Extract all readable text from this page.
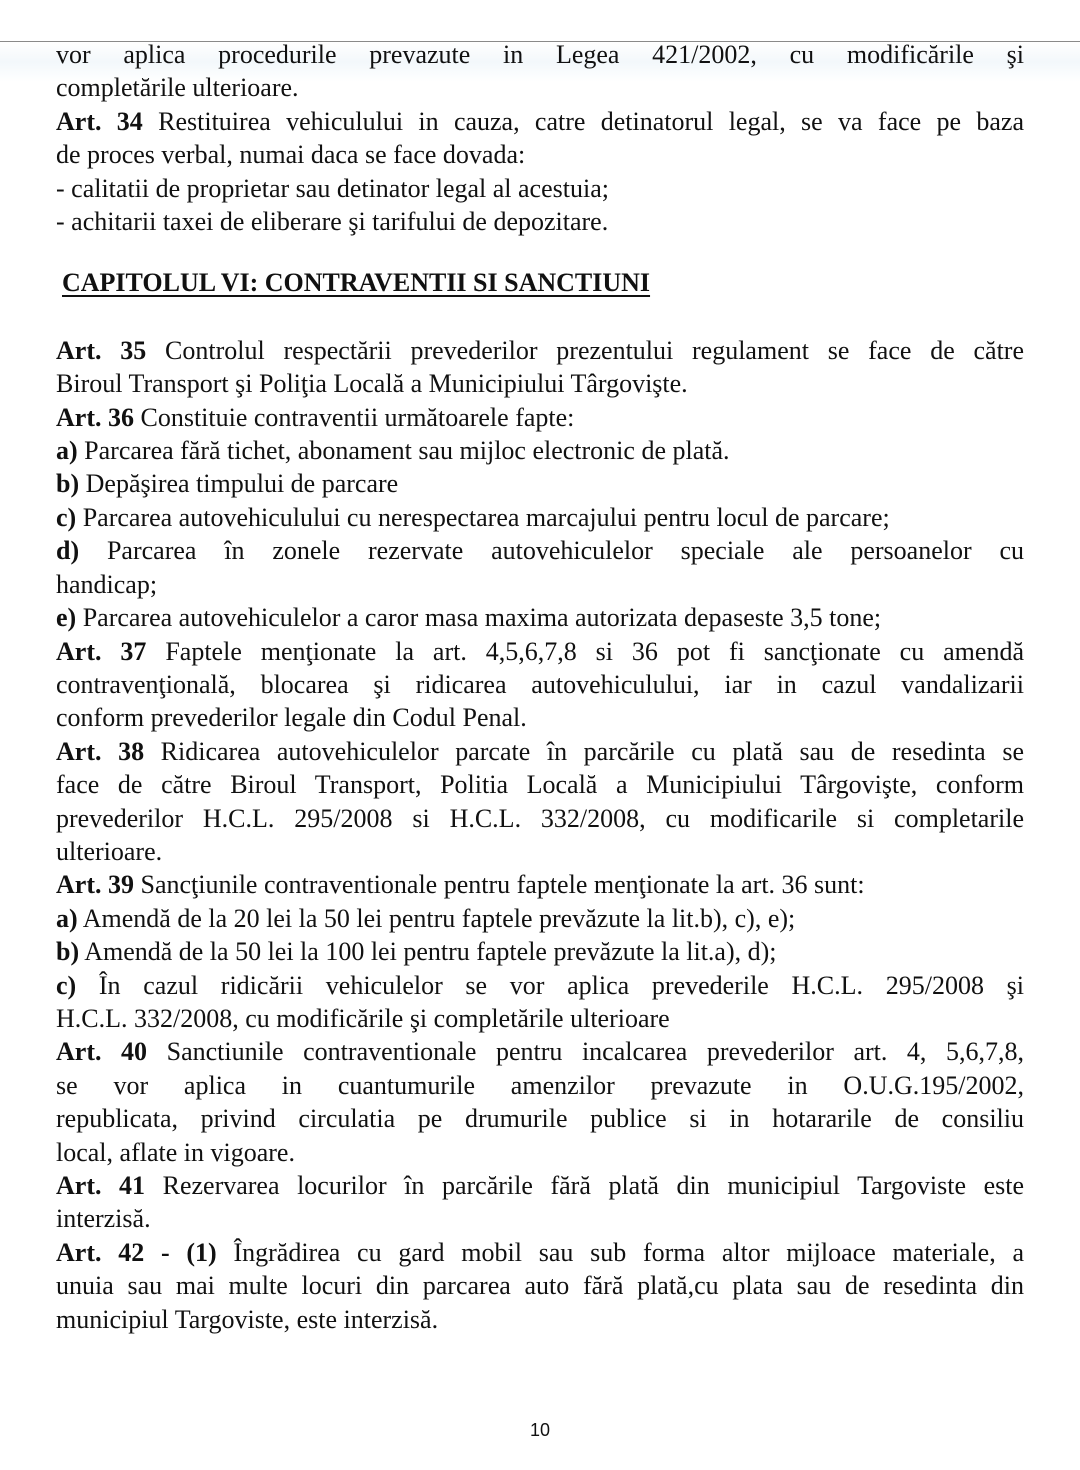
vor aplica procedurile prevazute in Legea 421/2002, cu modificările şi
completările ulterioare.
Art. 34 Restituirea vehiculului in cauza, catre detinatorul legal, se va face pe baza
de proces verbal, numai daca se face dovada:
- calitatii de proprietar sau detinator legal al acestuia;
- achitarii taxei de eliberare şi tarifului de depozitare.
CAPITOLUL VI: CONTRAVENTII SI SANCTIUNI
Art. 35 Controlul respectării prevederilor prezentului regulament se face de către
Biroul Transport şi Poliţia Locală a Municipiului Târgovişte.
Art. 36 Constituie contraventii următoarele fapte:
a) Parcarea fără tichet, abonament sau mijloc electronic de plată.
b) Depăşirea timpului de parcare
c) Parcarea autovehiculului cu nerespectarea marcajului pentru locul de parcare;
d) Parcarea în zonele rezervate autovehiculelor speciale ale persoanelor cu
handicap;
e) Parcarea autovehiculelor a caror masa maxima autorizata depaseste 3,5 tone;
Art. 37 Faptele menţionate la art. 4,5,6,7,8 si 36 pot fi sancţionate cu amendă
contravenţională, blocarea şi ridicarea autovehiculului, iar in cazul vandalizarii
conform prevederilor legale din Codul Penal.
Art. 38 Ridicarea autovehiculelor parcate în parcările cu plată sau de resedinta se
face de către Biroul Transport, Politia Locală a Municipiului Târgovişte, conform
prevederilor H.C.L. 295/2008 si H.C.L. 332/2008, cu modificarile si completarile
ulterioare.
Art. 39 Sancţiunile contraventionale pentru faptele menţionate la art. 36 sunt:
a) Amendă de la 20 lei la 50 lei pentru faptele prevăzute la lit.b), c), e);
b) Amendă de la 50 lei la 100 lei pentru faptele prevăzute la lit.a), d);
c) În cazul ridicării vehiculelor se vor aplica prevederile H.C.L. 295/2008 şi
H.C.L. 332/2008, cu modificările şi completările ulterioare
Art. 40 Sanctiunile contraventionale pentru incalcarea prevederilor art. 4, 5,6,7,8,
se vor aplica in cuantumurile amenzilor prevazute in O.U.G.195/2002,
republicata, privind circulatia pe drumurile publice si in hotararile de consiliu
local, aflate in vigoare.
Art. 41 Rezervarea locurilor în parcările fără plată din municipiul Targoviste este
interzisă.
Art. 42 - (1) Îngrădirea cu gard mobil sau sub forma altor mijloace materiale, a
unuia sau mai multe locuri din parcarea auto fără plată,cu plata sau de resedinta din
municipiul Targoviste, este interzisă.
10
